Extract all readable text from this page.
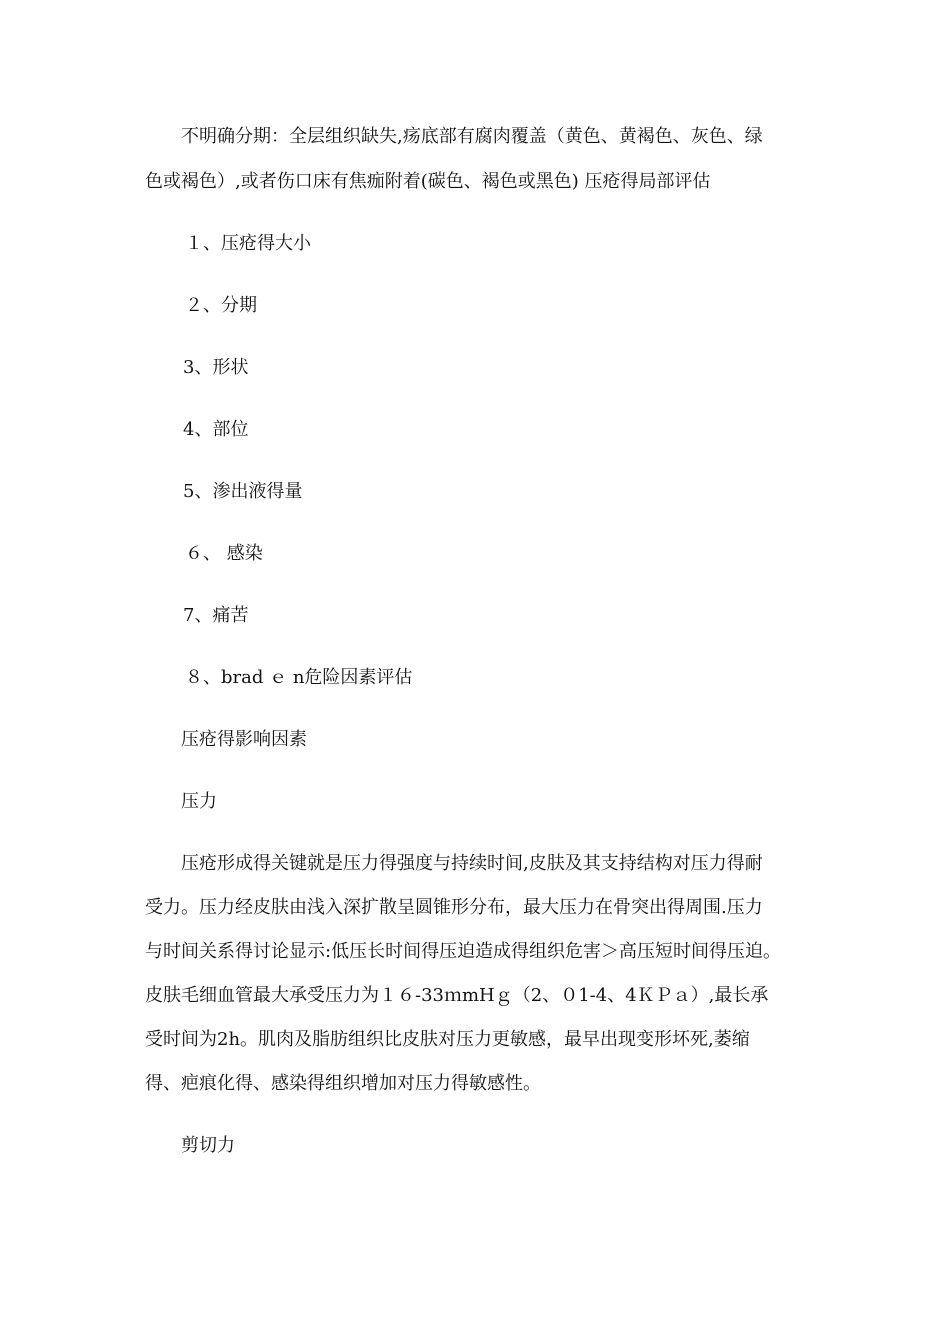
不明确分期：全层组织缺失,疡底部有腐肉覆盖（黄色、黄褐色、灰色、绿
色或褐色）,或者伤口床有焦痂附着(碳色、褐色或黑色) 压疮得局部评估
１、压疮得大小
２、分期
3、形状
4、部位
5、渗出液得量
６、 感染
7、痛苦
８、brad ｅ n危险因素评估
压疮得影响因素
压力
压疮形成得关键就是压力得强度与持续时间,皮肤及其支持结构对压力得耐
受力。压力经皮肤由浅入深扩散呈圆锥形分布，最大压力在骨突出得周围.压力
与时间关系得讨论显示:低压长时间得压迫造成得组织危害＞高压短时间得压迫。
皮肤毛细血管最大承受压力为１６-33ｍmHｇ（2、０1-4、4ＫＰａ）,最长承
受时间为2h。肌肉及脂肪组织比皮肤对压力更敏感，最早出现变形坏死,萎缩
得、疤痕化得、感染得组织增加对压力得敏感性。
剪切力
